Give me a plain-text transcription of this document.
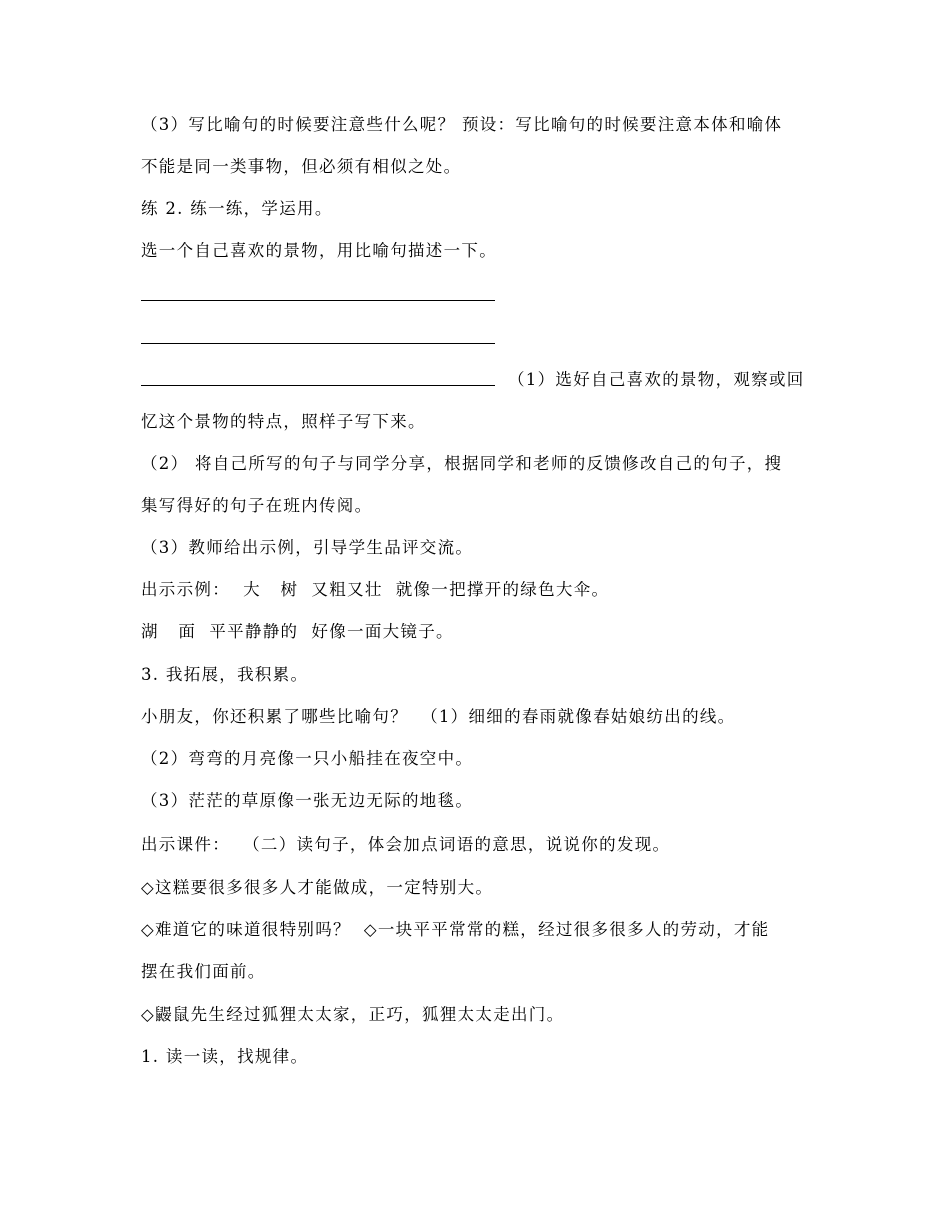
（3）写比喻句的时候要注意些什么呢？ 预设：写比喻句的时候要注意本体和喻体
不能是同一类事物，但必须有相似之处。
练 2. 练一练，学运用。
选一个自己喜欢的景物，用比喻句描述一下。
（1）选好自己喜欢的景物，观察或回
忆这个景物的特点，照样子写下来。
（2） 将自己所写的句子与同学分享，根据同学和老师的反馈修改自己的句子，搜
集写得好的句子在班内传阅。
（3）教师给出示例，引导学生品评交流。
出示示例：  大   树  又粗又壮  就像一把撑开的绿色大伞。
湖   面  平平静静的  好像一面大镜子。
3. 我拓展，我积累。
小朋友，你还积累了哪些比喻句？  （1）细细的春雨就像春姑娘纺出的线。
（2）弯弯的月亮像一只小船挂在夜空中。
（3）茫茫的草原像一张无边无际的地毯。
出示课件：  （二）读句子，体会加点词语的意思，说说你的发现。
◇这糕要很多很多人才能做成，一定特别大。
◇难道它的味道很特别吗？  ◇一块平平常常的糕，经过很多很多人的劳动，才能
摆在我们面前。
◇鼹鼠先生经过狐狸太太家，正巧，狐狸太太走出门。
1. 读一读，找规律。
